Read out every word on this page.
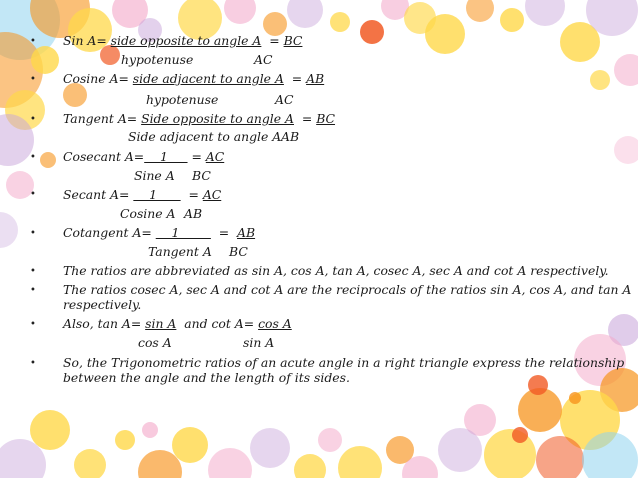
• Sin A= side opposite to angle A  = BC
hypotenuse	AC
• Cosine A= side adjacent to angle A  = AB
hypotenuse	AC
• Tangent A= Side opposite to angle A  = BC
Side adjacent to angle A AB
• Cosecant A=    1      = AC
Sine A BC
• Secant A=     1        = AC
Cosine A AB
• Cotangent A=     1          =  AB
Tangent A BC
• The ratios are abbreviated as sin A, cos A, tan A, cosec A, sec A and cot A respectively.
• The ratios cosec A, sec A and cot A are the reciprocals of the ratios sin A, cos A, and tan A
respectively.
• Also, tan A= sin A  and cot A= cos A
cos A	sin A
• So, the Trigonometric ratios of an acute angle in a right triangle express the relationship
between the angle and the length of its sides.
